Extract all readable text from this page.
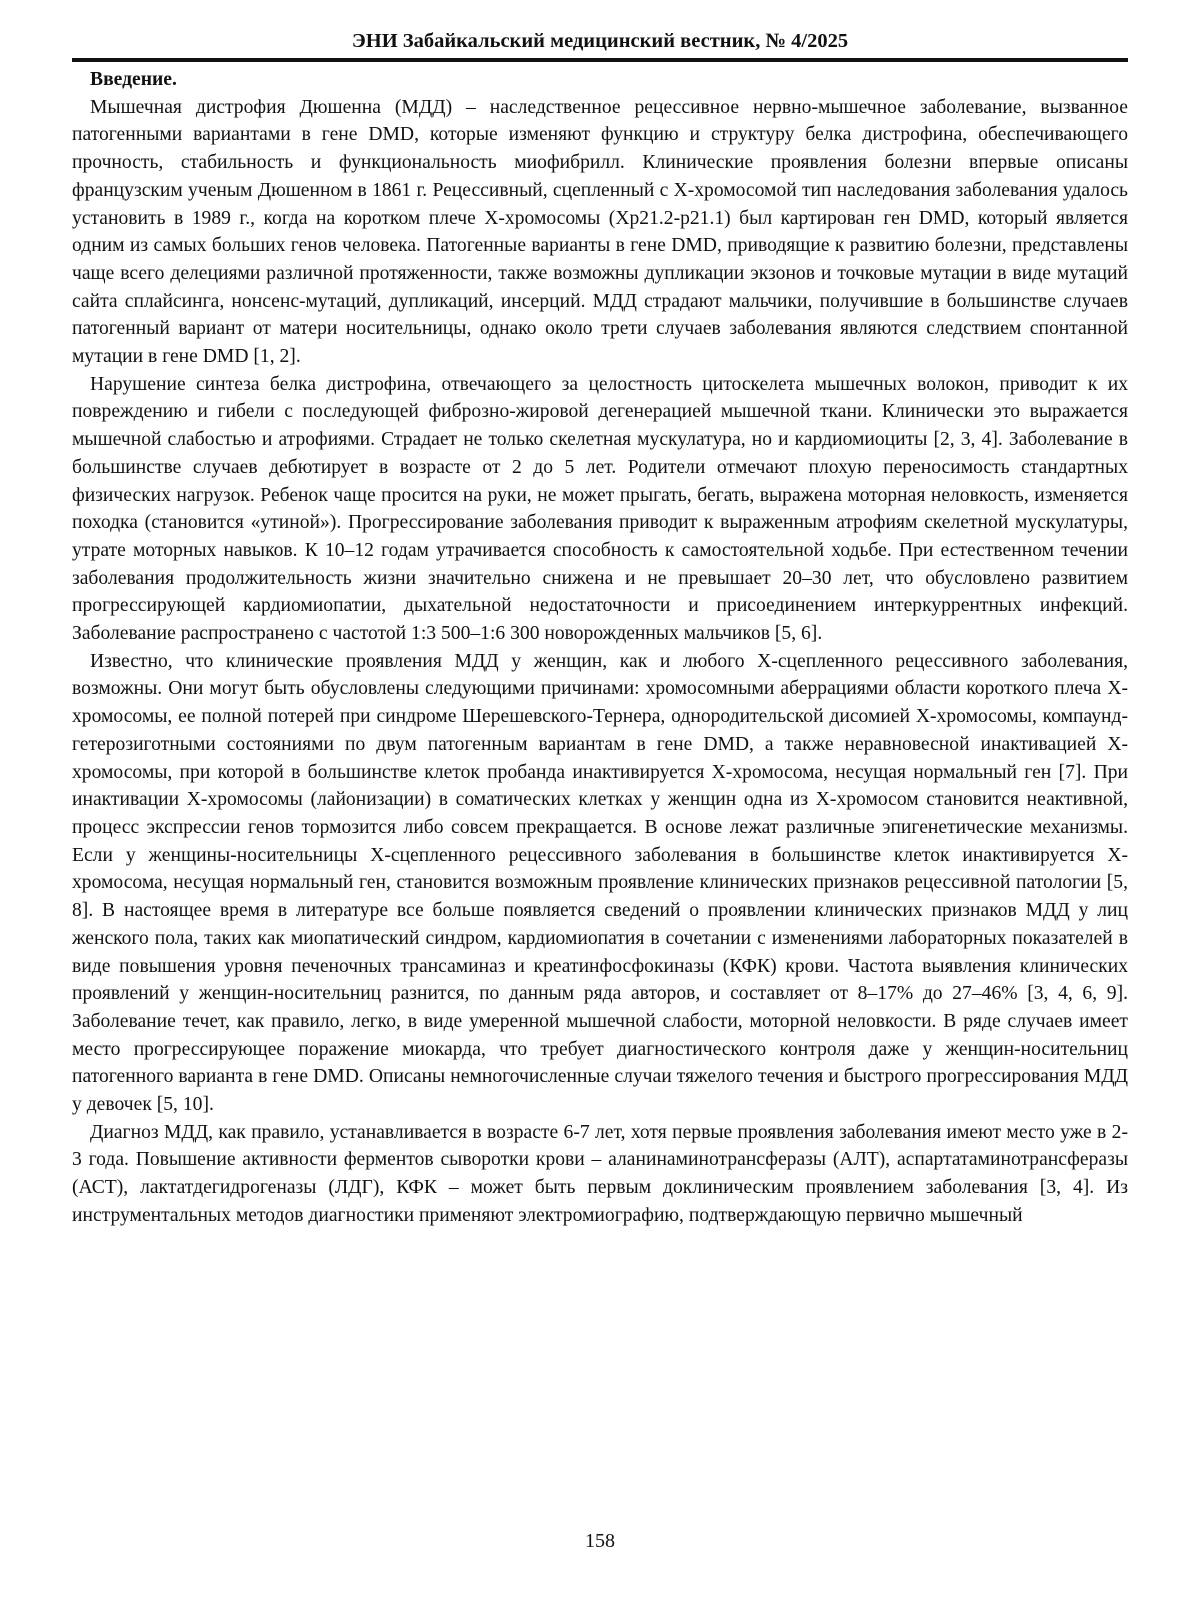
ЭНИ Забайкальский медицинский вестник, № 4/2025

Введение.

Мышечная дистрофия Дюшенна (МДД) – наследственное рецессивное нервно-мышечное заболевание, вызванное патогенными вариантами в гене DMD, которые изменяют функцию и структуру белка дистрофина, обеспечивающего прочность, стабильность и функциональность миофибрилл. Клинические проявления болезни впервые описаны французским ученым Дюшенном в 1861 г. Рецессивный, сцепленный с Х-хромосомой тип наследования заболевания удалось установить в 1989 г., когда на коротком плече Х-хромосомы (Xp21.2-p21.1) был картирован ген DMD, который является одним из самых больших генов человека. Патогенные варианты в гене DMD, приводящие к развитию болезни, представлены чаще всего делециями различной протяженности, также возможны дупликации экзонов и точковые мутации в виде мутаций сайта сплайсинга, нонсенс-мутаций, дупликаций, инсерций. МДД страдают мальчики, получившие в большинстве случаев патогенный вариант от матери носительницы, однако около трети случаев заболевания являются следствием спонтанной мутации в гене DMD [1, 2].

Нарушение синтеза белка дистрофина, отвечающего за целостность цитоскелета мышечных волокон, приводит к их повреждению и гибели с последующей фиброзно-жировой дегенерацией мышечной ткани. Клинически это выражается мышечной слабостью и атрофиями. Страдает не только скелетная мускулатура, но и кардиомиоциты [2, 3, 4]. Заболевание в большинстве случаев дебютирует в возрасте от 2 до 5 лет. Родители отмечают плохую переносимость стандартных физических нагрузок. Ребенок чаще просится на руки, не может прыгать, бегать, выражена моторная неловкость, изменяется походка (становится «утиной»). Прогрессирование заболевания приводит к выраженным атрофиям скелетной мускулатуры, утрате моторных навыков. К 10–12 годам утрачивается способность к самостоятельной ходьбе. При естественном течении заболевания продолжительность жизни значительно снижена и не превышает 20–30 лет, что обусловлено развитием прогрессирующей кардиомиопатии, дыхательной недостаточности и присоединением интеркуррентных инфекций. Заболевание распространено с частотой 1:3 500–1:6 300 новорожденных мальчиков [5, 6].

Известно, что клинические проявления МДД у женщин, как и любого Х-сцепленного рецессивного заболевания, возможны. Они могут быть обусловлены следующими причинами: хромосомными аберрациями области короткого плеча Х-хромосомы, ее полной потерей при синдроме Шерешевского-Тернера, однородительской дисомией Х-хромосомы, компаунд-гетерозиготными состояниями по двум патогенным вариантам в гене DMD, а также неравновесной инактивацией Х-хромосомы, при которой в большинстве клеток пробанда инактивируется Х-хромосома, несущая нормальный ген [7]. При инактивации Х-хромосомы (лайонизации) в соматических клетках у женщин одна из Х-хромосом становится неактивной, процесс экспрессии генов тормозится либо совсем прекращается. В основе лежат различные эпигенетические механизмы. Если у женщины-носительницы Х-сцепленного рецессивного заболевания в большинстве клеток инактивируется Х-хромосома, несущая нормальный ген, становится возможным проявление клинических признаков рецессивной патологии [5, 8]. В настоящее время в литературе все больше появляется сведений о проявлении клинических признаков МДД у лиц женского пола, таких как миопатический синдром, кардиомиопатия в сочетании с изменениями лабораторных показателей в виде повышения уровня печеночных трансаминаз и креатинфосфокиназы (КФК) крови. Частота выявления клинических проявлений у женщин-носительниц разнится, по данным ряда авторов, и составляет от 8–17% до 27–46% [3, 4, 6, 9]. Заболевание течет, как правило, легко, в виде умеренной мышечной слабости, моторной неловкости. В ряде случаев имеет место прогрессирующее поражение миокарда, что требует диагностического контроля даже у женщин-носительниц патогенного варианта в гене DMD. Описаны немногочисленные случаи тяжелого течения и быстрого прогрессирования МДД у девочек [5, 10].

Диагноз МДД, как правило, устанавливается в возрасте 6-7 лет, хотя первые проявления заболевания имеют место уже в 2-3 года. Повышение активности ферментов сыворотки крови – аланинаминотрансферазы (АЛТ), аспартатаминотрансферазы (АСТ), лактатдегидрогеназы (ЛДГ), КФК – может быть первым доклиническим проявлением заболевания [3, 4]. Из инструментальных методов диагностики применяют электромиографию, подтверждающую первично мышечный

158
